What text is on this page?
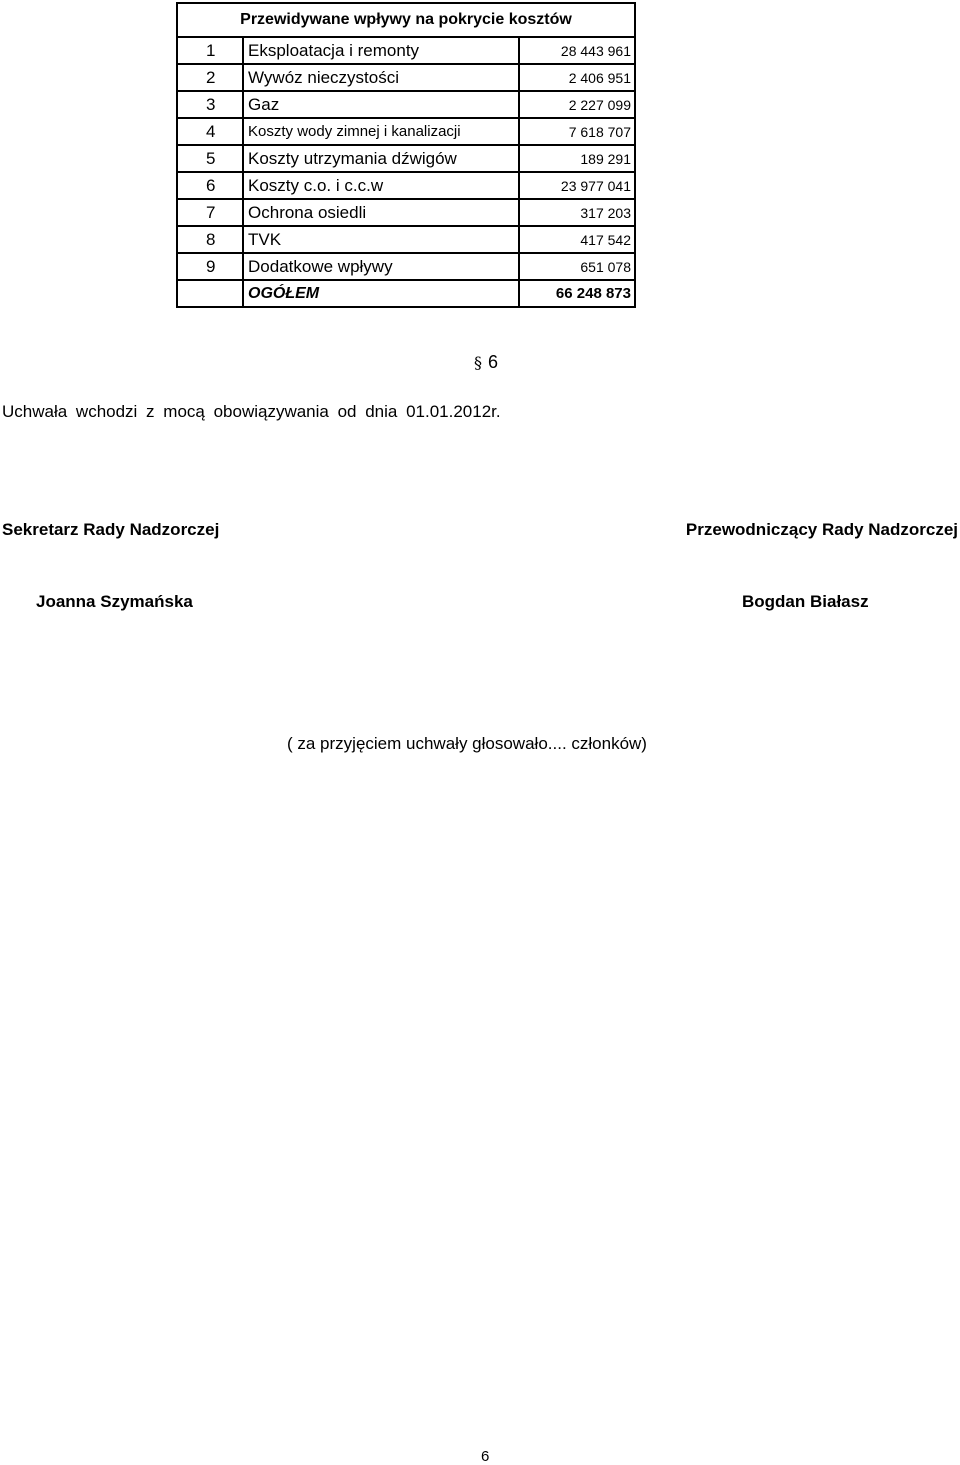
Przewidywane wpływy na pokrycie kosztów		
1	Eksploatacja i remonty	28 443 961
2	Wywóz nieczystości	2 406 951
3	Gaz	2 227 099
4	Koszty wody zimnej i kanalizacji	7 618 707
5	Koszty utrzymania dźwigów	189 291
6	Koszty c.o. i c.c.w	23 977 041
7	Ochrona osiedli	317 203
8	TVK	417 542
9	Dodatkowe wpływy	651 078
	OGÓŁEM	66 248 873
§ 6
Uchwała wchodzi z mocą obowiązywania od dnia 01.01.2012r.
Sekretarz Rady Nadzorczej	Przewodniczący Rady Nadzorczej
Joanna Szymańska	Bogdan Białasz
( za przyjęciem uchwały głosowało.... członków)
6
